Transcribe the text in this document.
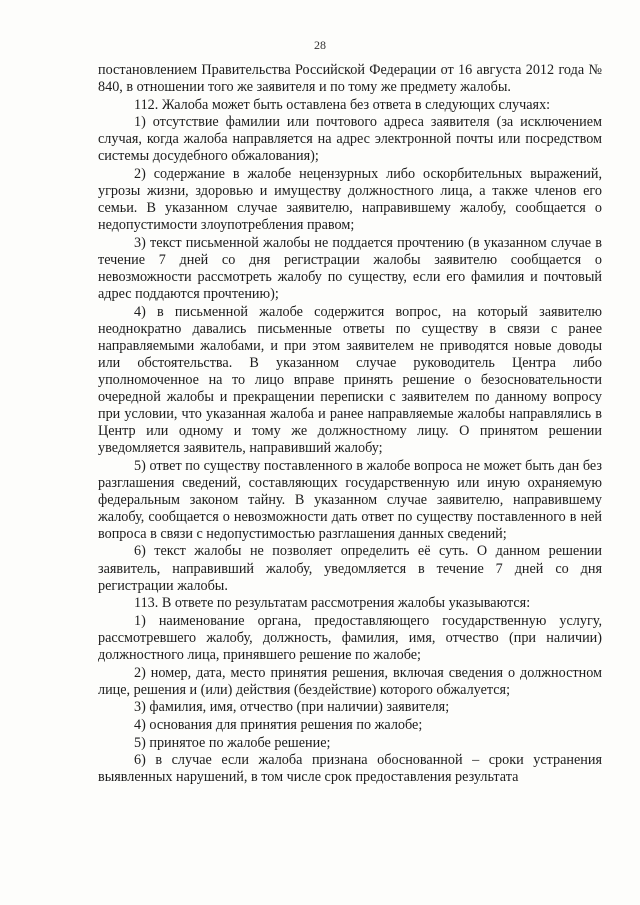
28

постановлением Правительства Российской Федерации от 16 августа 2012 года № 840, в отношении того же заявителя и по тому же предмету жалобы.

112. Жалоба может быть оставлена без ответа в следующих случаях:

1) отсутствие фамилии или почтового адреса заявителя (за исключением случая, когда жалоба направляется на адрес электронной почты или посредством системы досудебного обжалования);

2) содержание в жалобе нецензурных либо оскорбительных выражений, угрозы жизни, здоровью и имуществу должностного лица, а также членов его семьи. В указанном случае заявителю, направившему жалобу, сообщается о недопустимости злоупотребления правом;

3) текст письменной жалобы не поддается прочтению (в указанном случае в течение 7 дней со дня регистрации жалобы заявителю сообщается о невозможности рассмотреть жалобу по существу, если его фамилия и почтовый адрес поддаются прочтению);

4) в письменной жалобе содержится вопрос, на который заявителю неоднократно давались письменные ответы по существу в связи с ранее направляемыми жалобами, и при этом заявителем не приводятся новые доводы или обстоятельства. В указанном случае руководитель Центра либо уполномоченное на то лицо вправе принять решение о безосновательности очередной жалобы и прекращении переписки с заявителем по данному вопросу при условии, что указанная жалоба и ранее направляемые жалобы направлялись в Центр или одному и тому же должностному лицу. О принятом решении уведомляется заявитель, направивший жалобу;

5) ответ по существу поставленного в жалобе вопроса не может быть дан без разглашения сведений, составляющих государственную или иную охраняемую федеральным законом тайну. В указанном случае заявителю, направившему жалобу, сообщается о невозможности дать ответ по существу поставленного в ней вопроса в связи с недопустимостью разглашения данных сведений;

6) текст жалобы не позволяет определить её суть. О данном решении заявитель, направивший жалобу, уведомляется в течение 7 дней со дня регистрации жалобы.

113. В ответе по результатам рассмотрения жалобы указываются:

1) наименование органа, предоставляющего государственную услугу, рассмотревшего жалобу, должность, фамилия, имя, отчество (при наличии) должностного лица, принявшего решение по жалобе;

2) номер, дата, место принятия решения, включая сведения о должностном лице, решения и (или) действия (бездействие) которого обжалуется;

3) фамилия, имя, отчество (при наличии) заявителя;

4) основания для принятия решения по жалобе;

5) принятое по жалобе решение;

6) в случае если жалоба признана обоснованной – сроки устранения выявленных нарушений, в том числе срок предоставления результата
